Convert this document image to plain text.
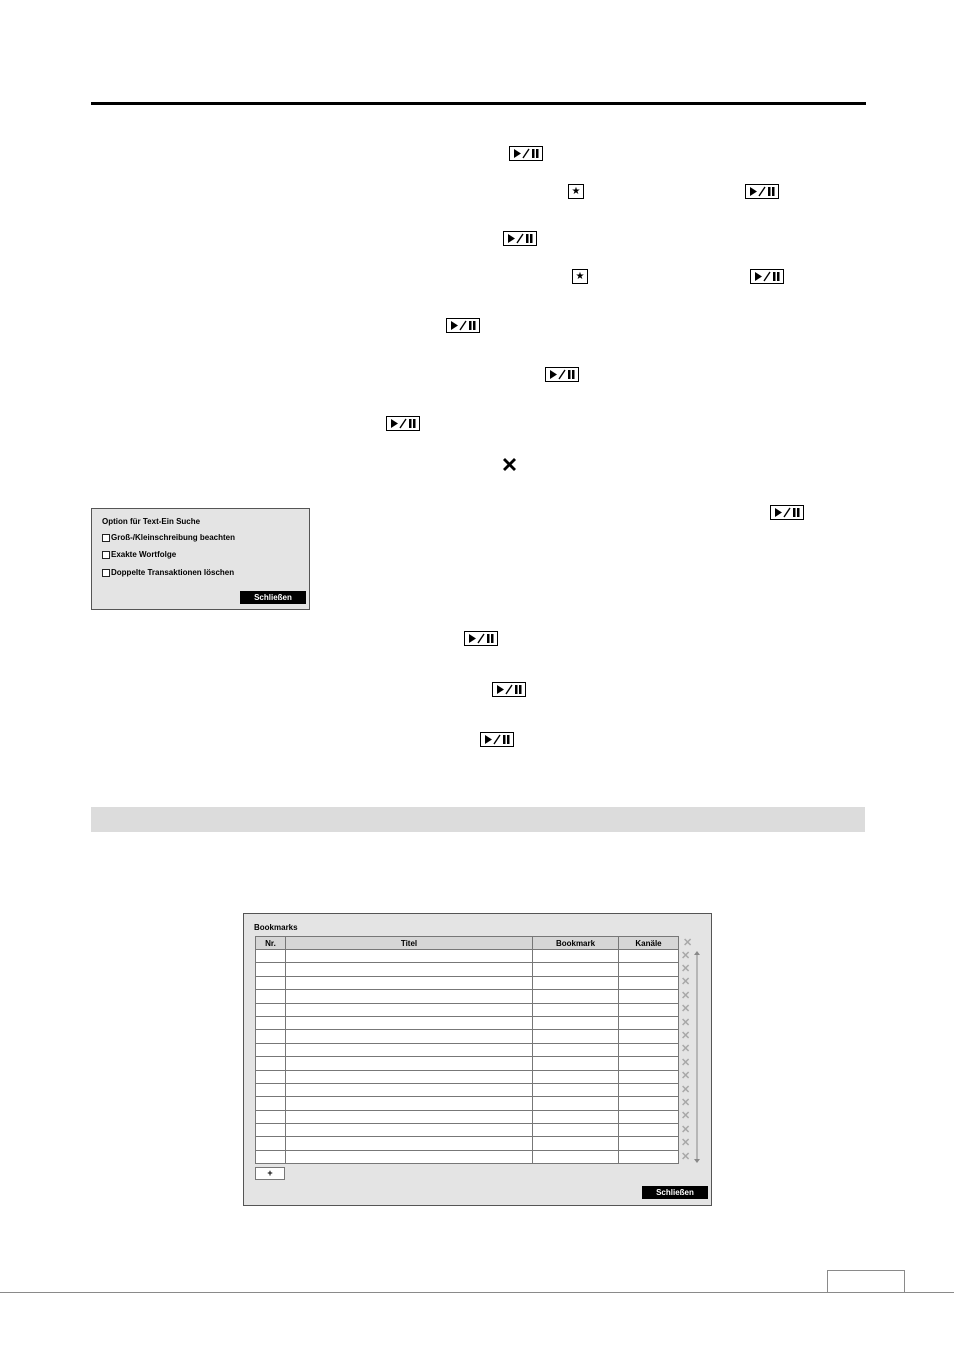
★
★
Option für Text-Ein Suche
Groß-/Kleinschreibung beachten
Exakte Wortfolge
Doppelte Transaktionen löschen
Schließen
Bookmarks
Nr.	Titel	Bookmark	Kanäle	✕
				✕
				✕
				✕
				✕
				✕
				✕
				✕
				✕
				✕
				✕
				✕
				✕
				✕
				✕
				✕
				✕
+
Schließen
